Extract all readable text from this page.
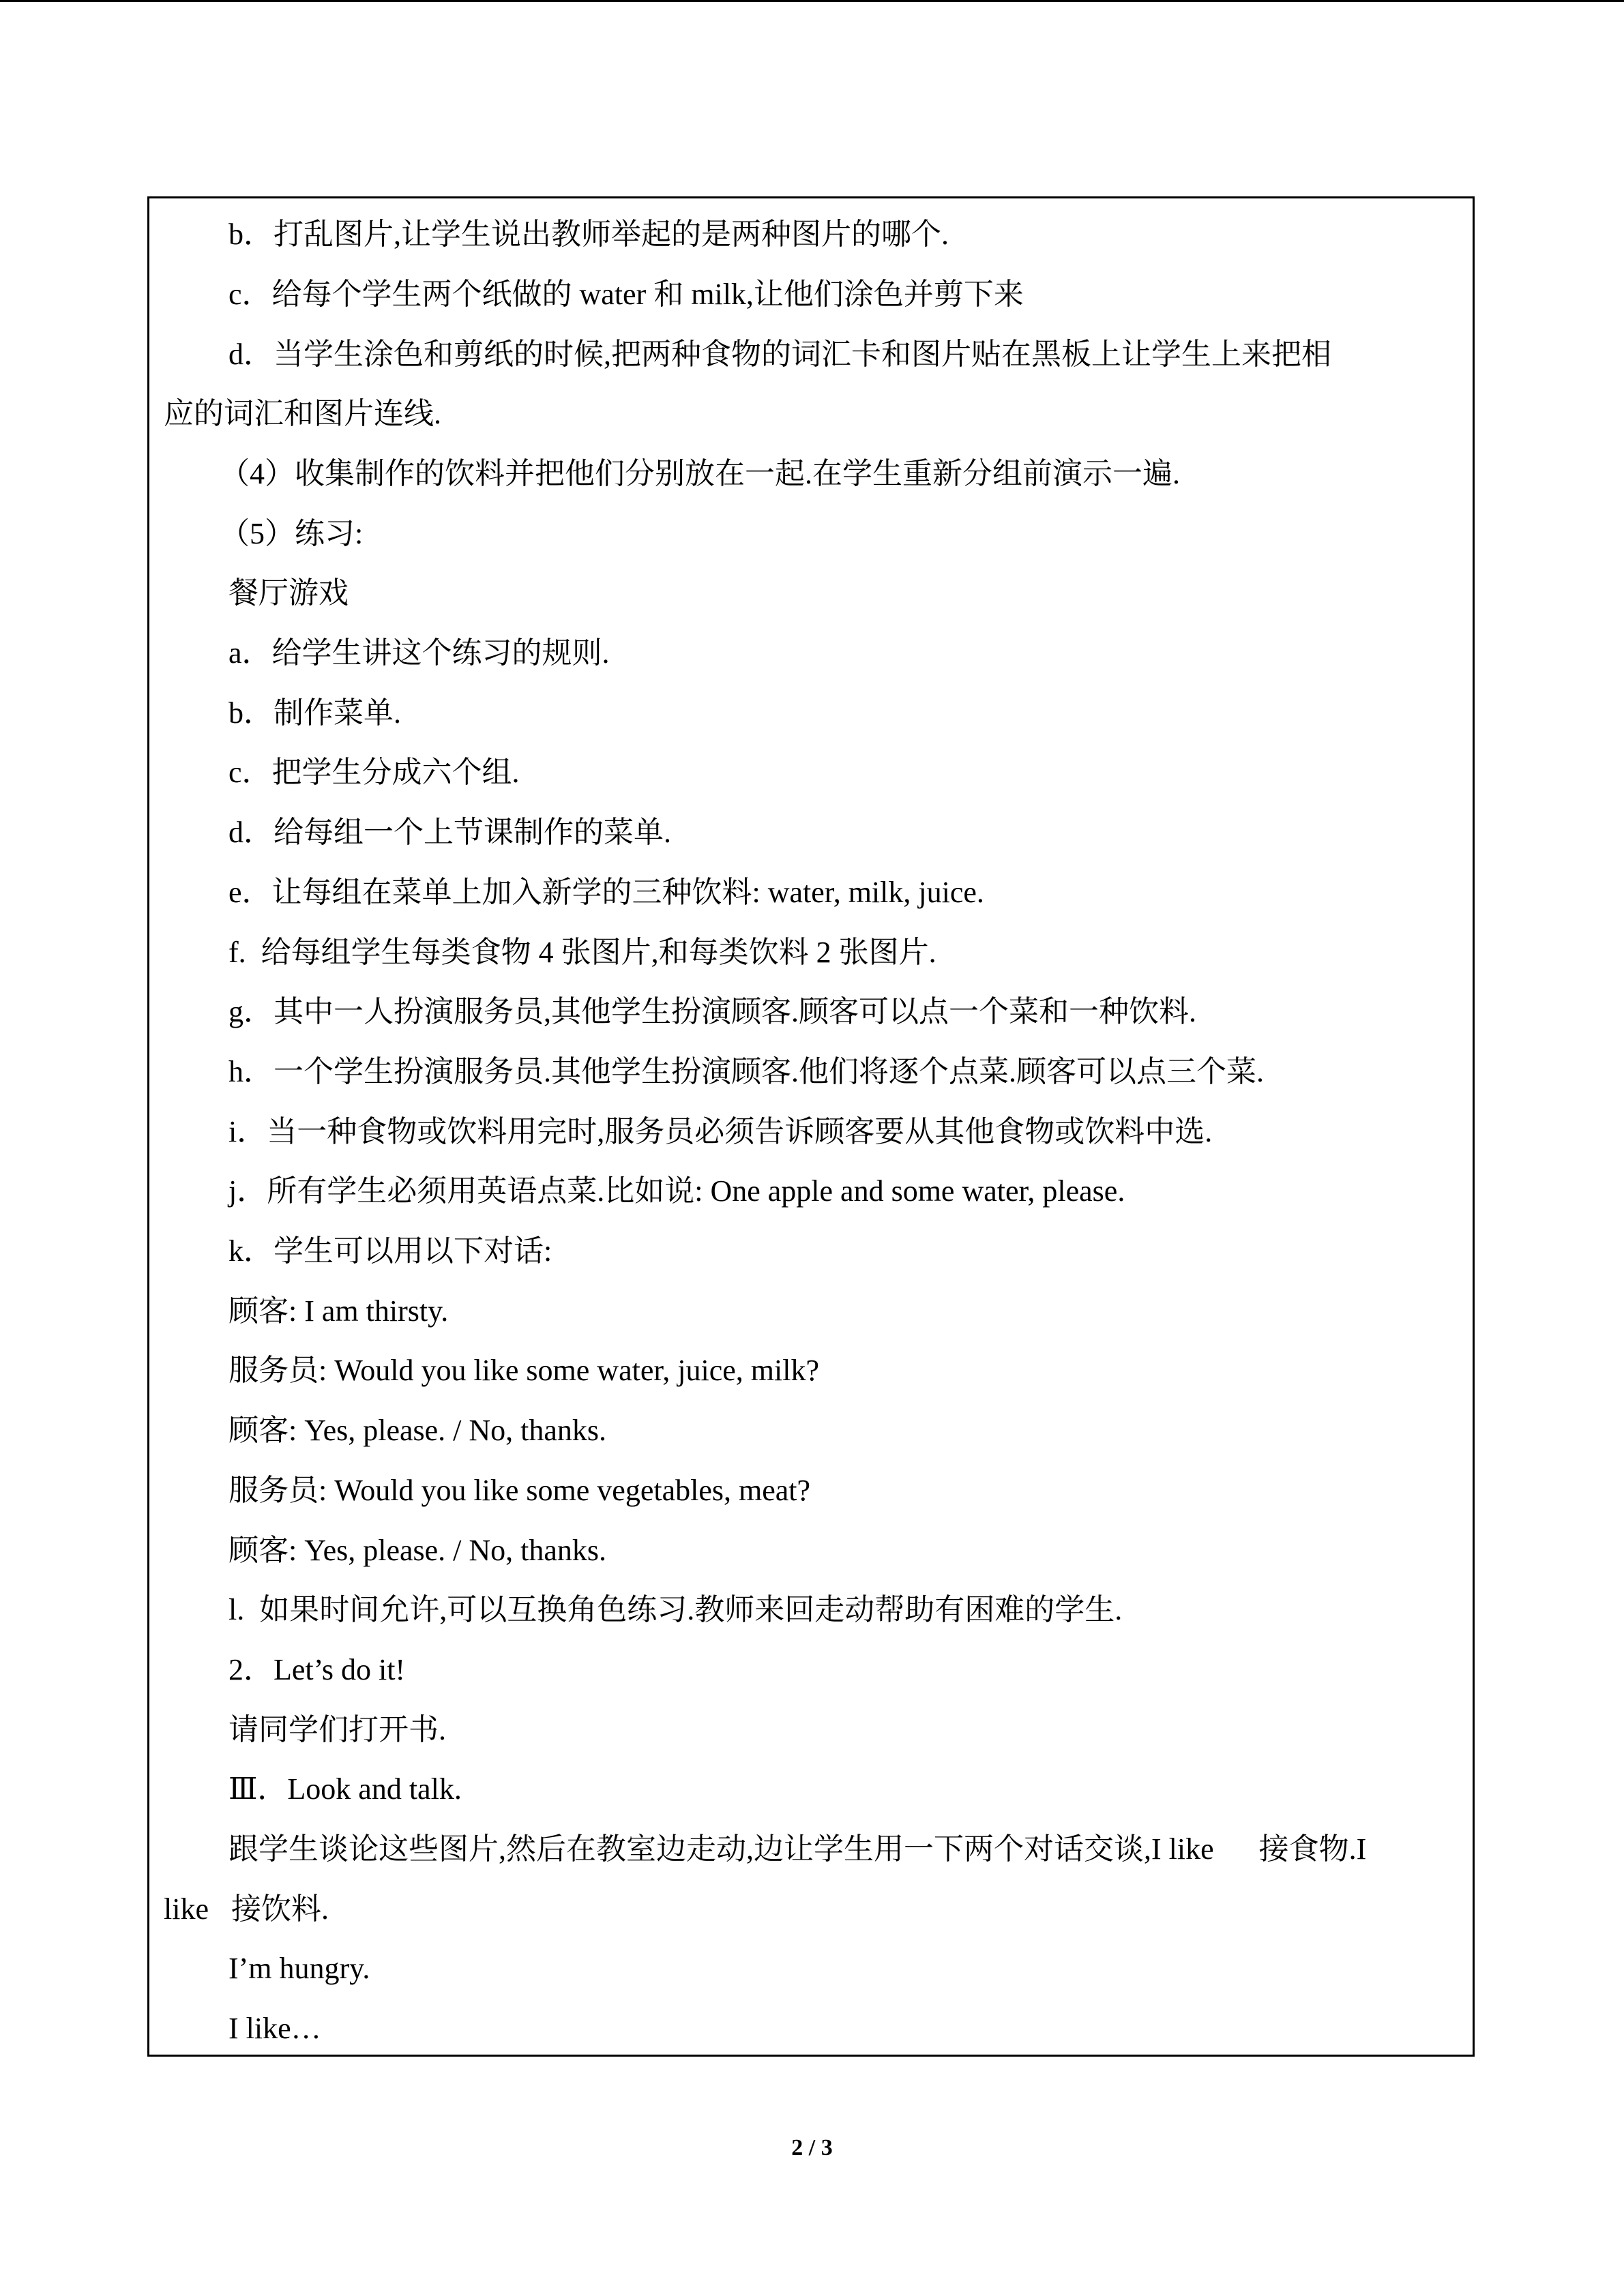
b．打乱图片,让学生说出教师举起的是两种图片的哪个.
c．给每个学生两个纸做的 water 和 milk,让他们涂色并剪下来
d．当学生涂色和剪纸的时候,把两种食物的词汇卡和图片贴在黑板上让学生上来把相
应的词汇和图片连线.
（4）收集制作的饮料并把他们分别放在一起.在学生重新分组前演示一遍.
（5）练习:
餐厅游戏
a．给学生讲这个练习的规则.
b．制作菜单.
c．把学生分成六个组.
d．给每组一个上节课制作的菜单.
e．让每组在菜单上加入新学的三种饮料: water, milk, juice.
f.  给每组学生每类食物 4 张图片,和每类饮料 2 张图片.
g．其中一人扮演服务员,其他学生扮演顾客.顾客可以点一个菜和一种饮料.
h．一个学生扮演服务员.其他学生扮演顾客.他们将逐个点菜.顾客可以点三个菜.
i．当一种食物或饮料用完时,服务员必须告诉顾客要从其他食物或饮料中选.
j．所有学生必须用英语点菜.比如说: One apple and some water, please.
k．学生可以用以下对话:
顾客: I am thirsty.
服务员: Would you like some water, juice, milk?
顾客: Yes, please. / No, thanks.
服务员: Would you like some vegetables, meat?
顾客: Yes, please. / No, thanks.
l.  如果时间允许,可以互换角色练习.教师来回走动帮助有困难的学生.
2．Let’s do it!
请同学们打开书.
Ⅲ．Look and talk.
跟学生谈论这些图片,然后在教室边走动,边让学生用一下两个对话交谈,I like      接食物.I
like   接饮料.
I’m hungry.
I like…
2 / 3
